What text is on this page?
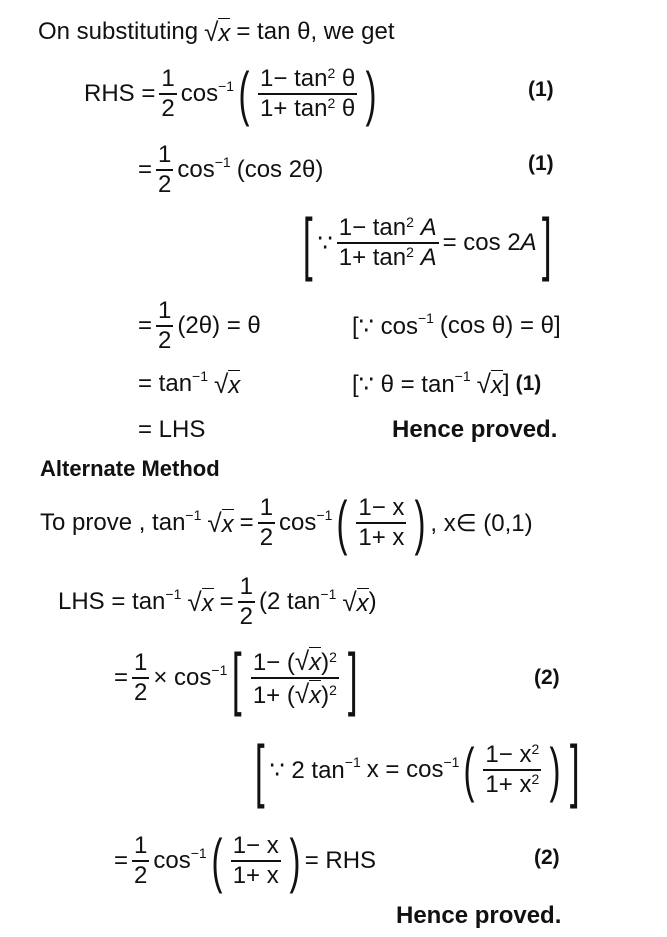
On substituting √ x = tan θ, we get
RHS = $\frac{1}{2} \cos^{-1}$ ( $1- \tan^2 \theta$
$1+ \tan^2 \theta$ )	(1)
= $\frac{1}{2} \cos^{-1} (\cos$ 2θ)	(1)
[ ∵ $\frac{1- \tan^2 A}{1+ \tan^2 A} = \cos 2$ A ]
= $\frac{1}{2} (2\theta) = \theta$	[∵ $\cos^{-1} (\cos$ θ) = θ]
= $\tan^{-1}$ √ x	[∵ $\theta = \tan^{-1}$ √ x ] (1)
= LHS	Hence proved.
Alternate Method
To prove , $\tan^{-1}$ √ $x = \frac{1}{2} \cos^{-1}$ ( 1− x
1+ x ) , x∈ (0,1)
LHS = $\tan^{-1}$ √ $x = \frac{1}{2} (2$ $\tan^{-1}$ √ x )
= $\frac{1}{2} \times \cos^{-1}$ [ 1− ( √ x )$^2$
1+ ( √ x )$^2$ ]	(2)
[ ∵ 2 $\tan^{-1} x = \cos^{-1}$ ( $1- x^2$
$1+ x^2$ ) ]
= $\frac{1}{2} \cos^{-1}$ ( 1− x
1+ x ) = RHS	(2)
Hence proved.
